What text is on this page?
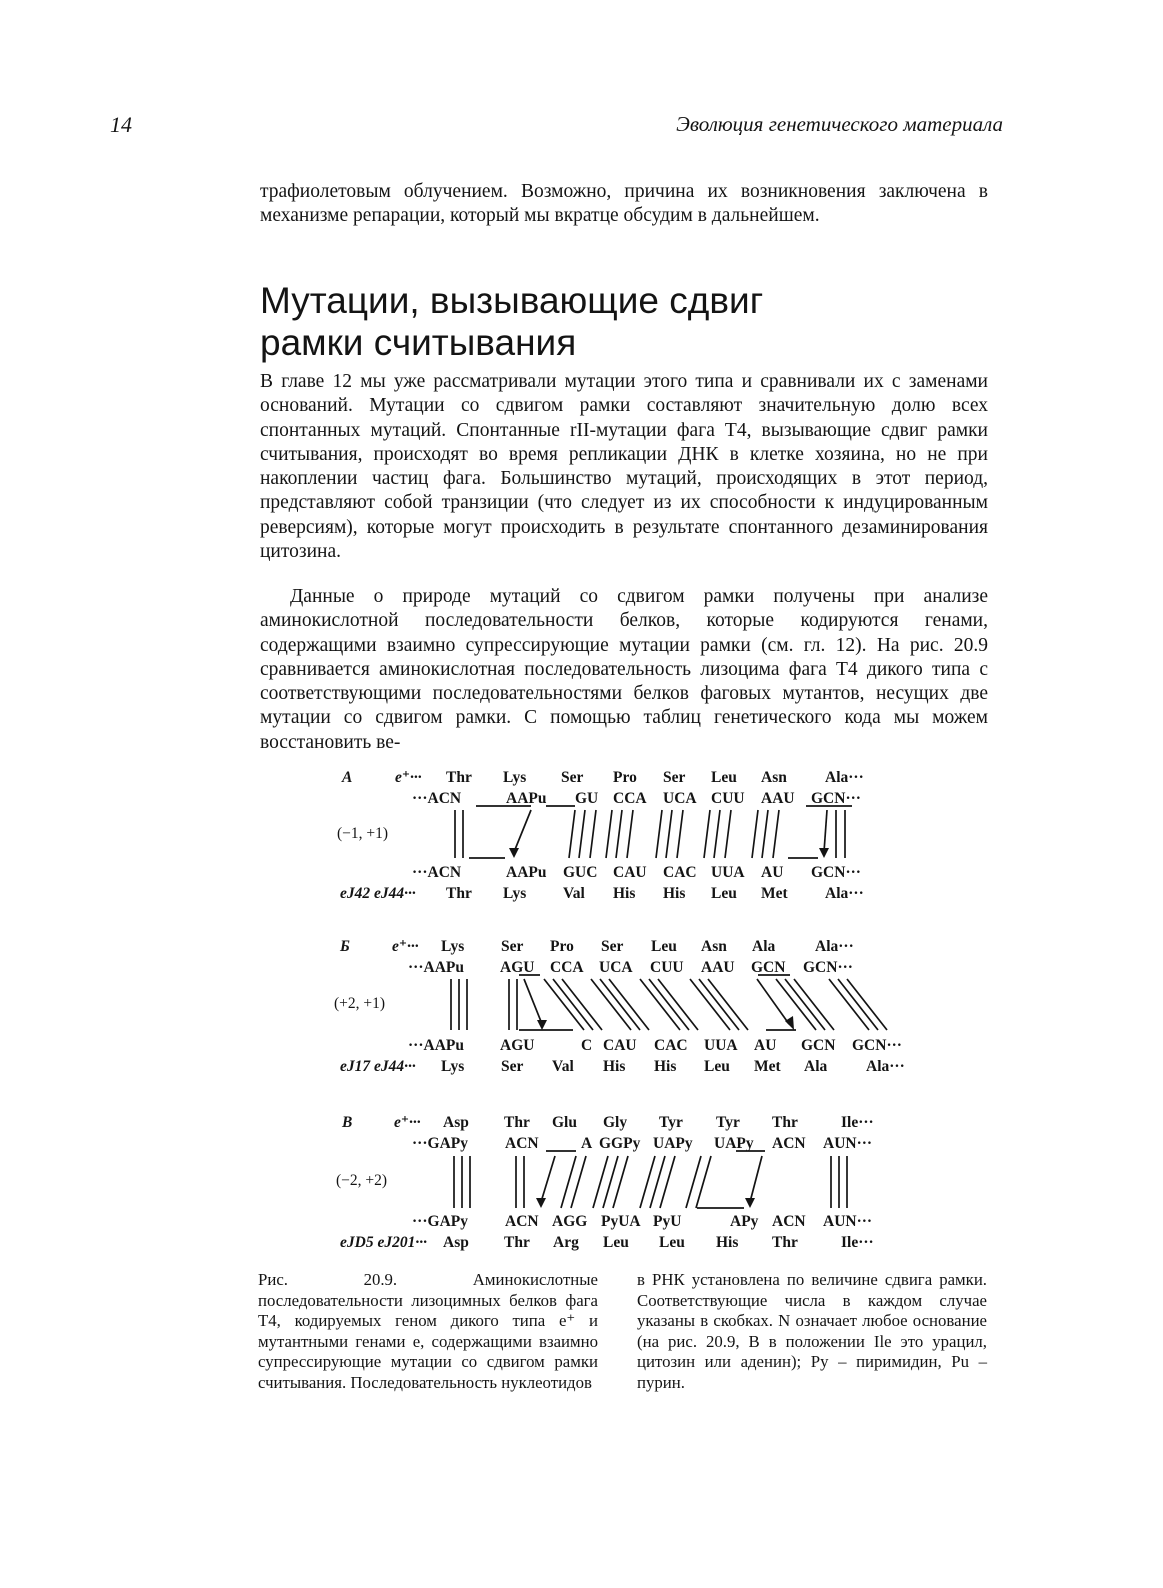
14	Эволюция генетического материала

трафиолетовым облучением. Возможно, причина их возникновения заключена в механизме репарации, который мы вкратце обсудим в дальнейшем.

Мутации, вызывающие сдвиг
рамки считывания

В главе 12 мы уже рассматривали мутации этого типа и сравнивали их с заменами оснований. Мутации со сдвигом рамки составляют значительную долю всех спонтанных мутаций. Спонтанные rII-мутации фага Т4, вызывающие сдвиг рамки считывания, происходят во время репликации ДНК в клетке хозяина, но не при накоплении частиц фага. Большинство мутаций, происходящих в этот период, представляют собой транзиции (что следует из их способности к индуцированным реверсиям), которые могут происходить в результате спонтанного дезаминирования цитозина.

Данные о природе мутаций со сдвигом рамки получены при анализе аминокислотной последовательности белков, которые кодируются генами, содержащими взаимно супрессирующие мутации рамки (см. гл. 12). На рис. 20.9 сравнивается аминокислотная последовательность лизоцима фага Т4 дикого типа с соответствующими последовательностями белков фаговых мутантов, несущих две мутации со сдвигом рамки. С помощью таблиц генетического кода мы можем восстановить ве-

A	e⁺··· Thr Lys Ser Pro Ser Leu Asn Ala···
···ACN	AAPu GU CCA UCA CUU AAU GCN···
(−1, +1)
···ACN	AAPu GUC CAU CAC UUA AU GCN···
eJ42 eJ44··· Thr Lys Val His His Leu Met Ala···
Б	e⁺··· Lys Ser Pro Ser Leu Asn Ala	Ala···
···AAPu AGU CCA UCA CUU AAU GCN GCN···
(+2, +1)
···AAPu AGU	C CAU CAC UUA AU GCN GCN···
eJ17 eJ44··· Lys Ser Val His His Leu Met Ala	Ala···
В	e⁺··· Asp Thr Glu Gly Tyr Tyr Thr	Ile···
···GAPy ACN	A GGPy UAPy UAPy ACN AUN···
(−2, +2)
···GAPy ACN AGG PyUA PyU	APy ACN AUN···
eJD5 eJ201··· Asp Thr Arg Leu Leu His Thr	Ile···

Рис. 20.9. Аминокислотные последовательности лизоцимных белков фага Т4, кодируемых геном дикого типа e⁺ и мутантными генами e, содержащими взаимно супрессирующие мутации со сдвигом рамки считывания. Последовательность нуклеотидов

в РНК установлена по величине сдвига рамки. Соответствующие числа в каждом случае указаны в скобках. N означает любое основание (на рис. 20.9, В в положении Ile это урацил, цитозин или аденин); Py – пиримидин, Pu – пурин.
